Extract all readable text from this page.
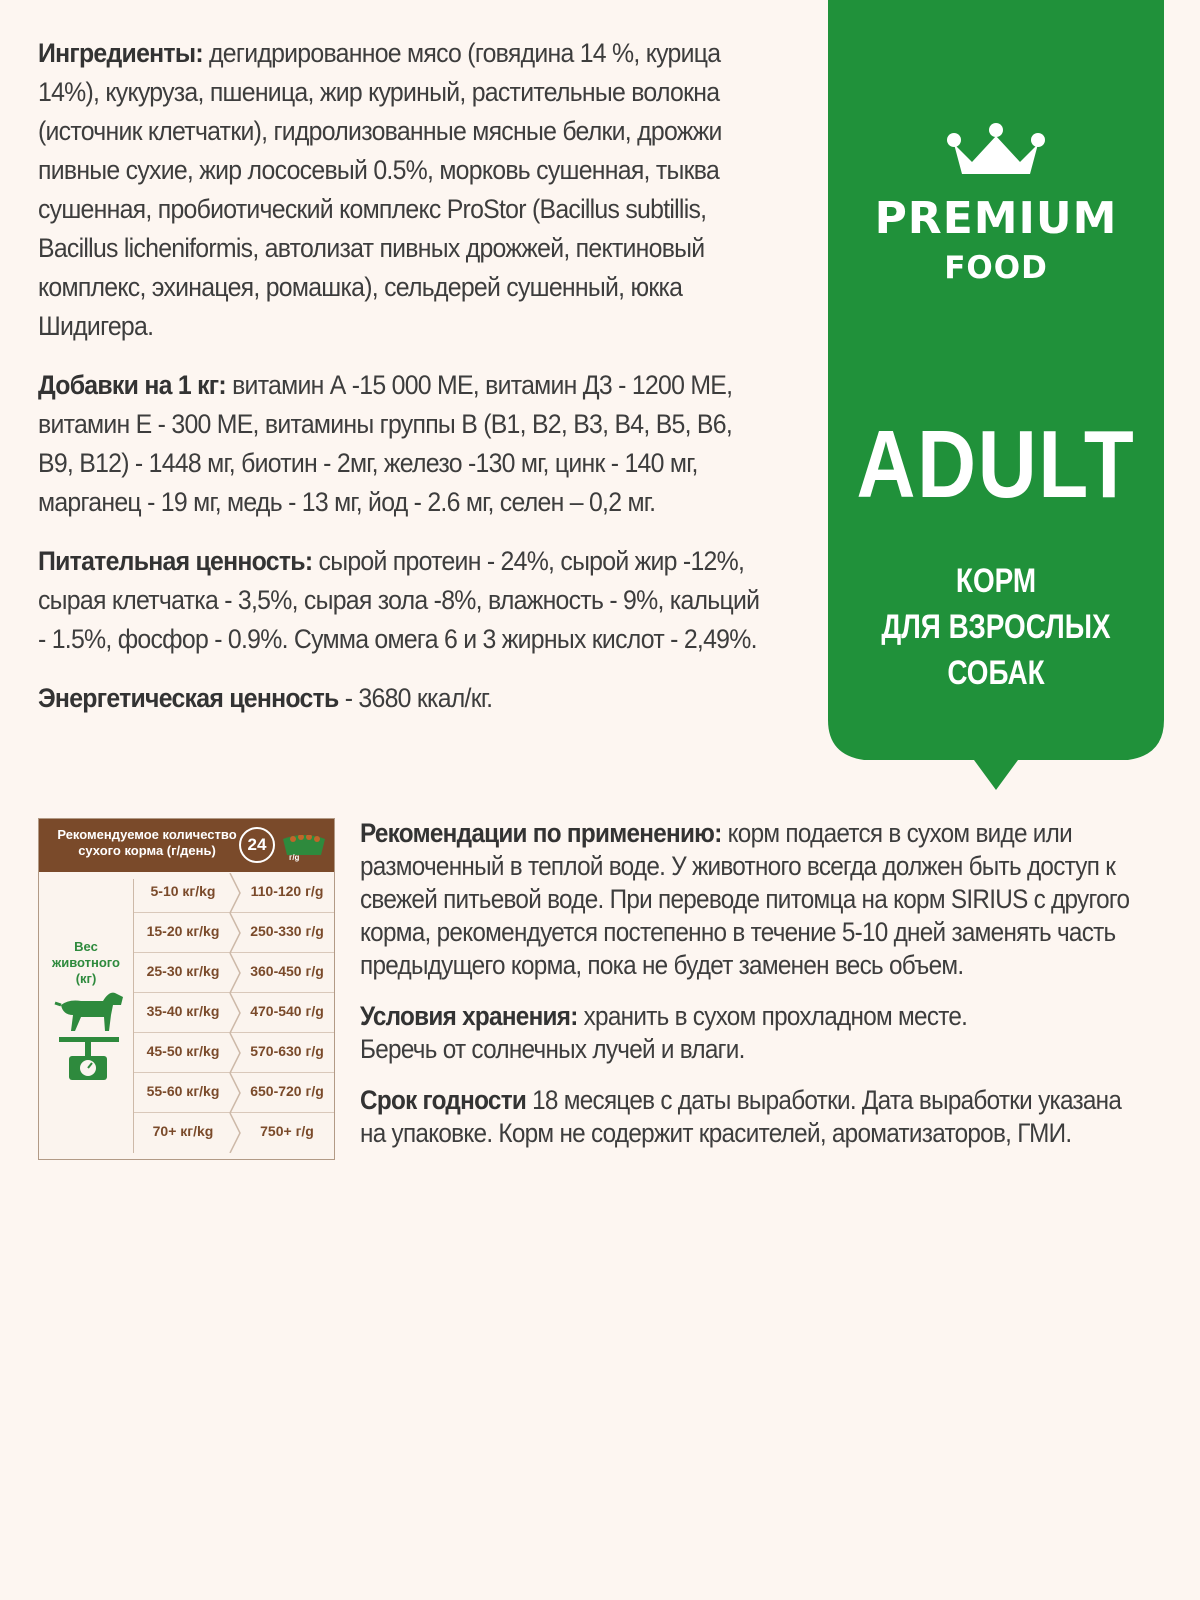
Ингредиенты: дегидрированное мясо (говядина 14 %, курица 14%), кукуруза, пшеница, жир куриный, растительные волокна (источник клетчатки), гидролизованные мясные белки, дрожжи пивные сухие, жир лососевый 0.5%, морковь сушенная, тыква сушенная, пробиотический комплекс ProStor (Bacillus subtillis, Bacillus licheniformis, автолизат пивных дрожжей, пектиновый комплекс, эхинацея, ромашка), сельдерей сушенный, юкка Шидигера.

Добавки на 1 кг: витамин А -15 000 МЕ, витамин Д3 - 1200 МЕ, витамин Е - 300 МЕ, витамины группы В (В1, В2, В3, В4, В5, В6, В9, В12) - 1448 мг, биотин - 2мг, железо -130 мг, цинк - 140 мг, марганец - 19 мг, медь - 13 мг, йод - 2.6 мг, селен – 0,2 мг.

Питательная ценность: сырой протеин - 24%, сырой жир -12%, сырая клетчатка - 3,5%, сырая зола -8%, влажность - 9%, кальций - 1.5%, фосфор - 0.9%. Сумма омега 6 и 3 жирных кислот - 2,49%.

Энергетическая ценность - 3680 ккал/кг.

PREMIUM
FOOD
ADULT
КОРМ
ДЛЯ ВЗРОСЛЫХ
СОБАК
Рекомендуемое количество
сухого корма (г/день)	24
г/g
Вес
животного
(кг)
5-10 кг/kg	110-120 г/g
15-20 кг/kg	250-330 г/g
25-30 кг/kg	360-450 г/g
35-40 кг/kg	470-540 г/g
45-50 кг/kg	570-630 г/g
55-60 кг/kg	650-720 г/g
70+ кг/kg	750+ г/g

Рекомендации по применению: корм подается в сухом виде или размоченный в теплой воде. У животного всегда должен быть доступ к свежей питьевой воде. При переводе питомца на корм SIRIUS с другого корма, рекомендуется постепенно в течение 5-10 дней заменять часть предыдущего корма, пока не будет заменен весь объем.

Условия хранения: хранить в сухом прохладном месте.
Беречь от солнечных лучей и влаги.

Срок годности 18 месяцев с даты выработки. Дата выработки указана на упаковке. Корм не содержит красителей, ароматизаторов, ГМИ.
